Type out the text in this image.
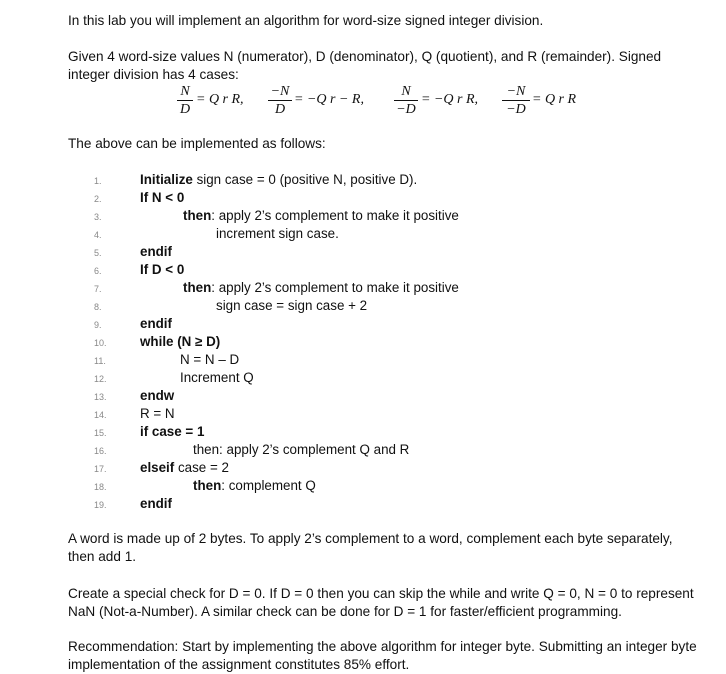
In this lab you will implement an algorithm for word-size signed integer division.
Given 4 word-size values N (numerator), D (denominator), Q (quotient), and R (remainder). Signed integer division has 4 cases:
N
D
= Q r R,
−N
D
= −Q r − R,
N
−D
= −Q r R,
−N
−D
= Q r R
The above can be implemented as follows:
1.
2.
3.
4.
5.
6.
7.
8.
9.
10.
11.
12.
13.
14.
15.
16.
17.
18.
19.
Initialize sign case = 0 (positive N, positive D).
If N < 0
then: apply 2’s complement to make it positive
increment sign case.
endif
If D < 0
then: apply 2’s complement to make it positive
sign case = sign case + 2
endif
while (N ≥ D)
N = N – D
Increment Q
endw
R = N
if case = 1
then: apply 2’s complement Q and R
elseif case = 2
then: complement Q
endif
A word is made up of 2 bytes. To apply 2’s complement to a word, complement each byte separately, then add 1.
Create a special check for D = 0. If D = 0 then you can skip the while and write Q = 0, N = 0 to represent NaN (Not-a-Number). A similar check can be done for D = 1 for faster/efficient programming.
Recommendation: Start by implementing the above algorithm for integer byte. Submitting an integer byte implementation of the assignment constitutes 85% effort.
